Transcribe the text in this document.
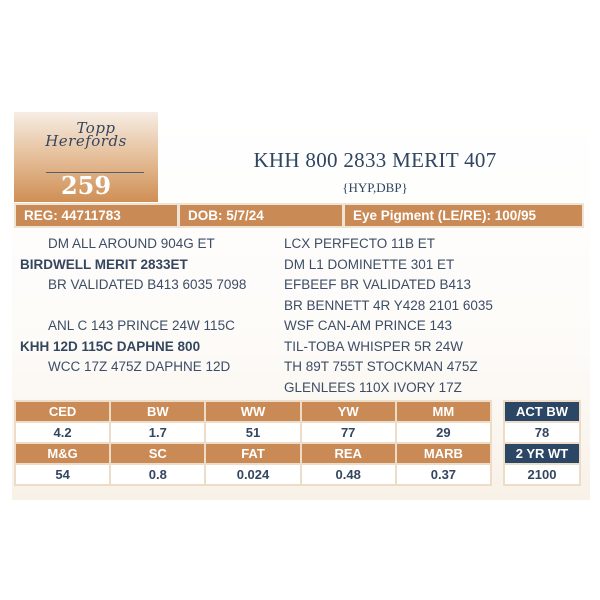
Topp
Herefords
259
KHH 800 2833 MERIT 407
{HYP,DBP}
REG: 44711783	DOB: 5/7/24	Eye Pigment (LE/RE): 100/95
DM ALL AROUND 904G ET
BIRDWELL MERIT 2833ET
BR VALIDATED B413 6035 7098
ANL C 143 PRINCE 24W 115C
KHH 12D 115C DAPHNE 800
WCC 17Z 475Z DAPHNE 12D
LCX PERFECTO 11B ET
DM L1 DOMINETTE 301 ET
EFBEEF BR VALIDATED B413
BR BENNETT 4R Y428 2101 6035
WSF CAN-AM PRINCE 143
TIL-TOBA WHISPER 5R 24W
TH 89T 755T STOCKMAN 475Z
GLENLEES 110X IVORY 17Z
CED	BW	WW	YW	MM
4.2	1.7	51	77	29
M&G	SC	FAT	REA	MARB
54	0.8	0.024	0.48	0.37
ACT BW
78
2 YR WT
2100
